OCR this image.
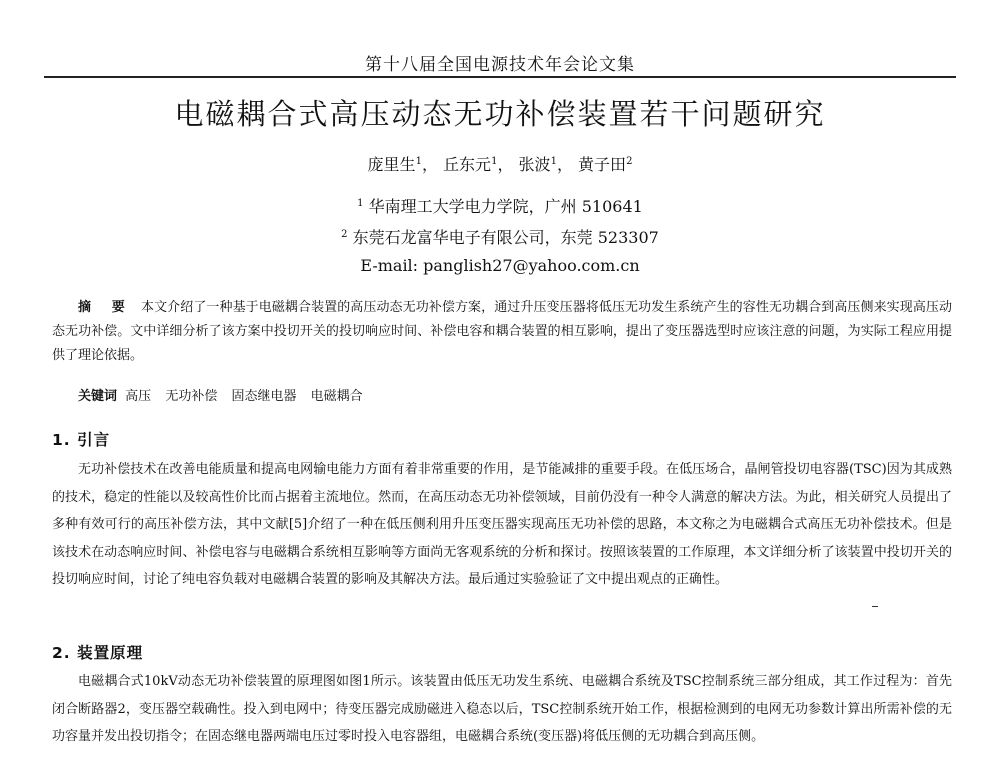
第十八届全国电源技术年会论文集
电磁耦合式高压动态无功补偿装置若干问题研究
庞里生$^1$， 丘东元$^1$， 张波$^1$， 黄子田$^2$
$^1$ 华南理工大学电力学院，广州 510641
$^2$ 东莞石龙富华电子有限公司，东莞 523307
E-mail: panglish27@yahoo.com.cn
摘 要 本文介绍了一种基于电磁耦合装置的高压动态无功补偿方案，通过升压变压器将低压无功发生系统产生的容性无功耦合到高压侧来实现高压动态无功补偿。文中详细分析了该方案中投切开关的投切响应时间、补偿电容和耦合装置的相互影响，提出了变压器选型时应该注意的问题，为实际工程应用提供了理论依据。
关键词 高压 无功补偿 固态继电器 电磁耦合
1. 引言
无功补偿技术在改善电能质量和提高电网输电能力方面有着非常重要的作用，是节能减排的重要手段。在低压场合，晶闸管投切电容器(TSC)因为其成熟的技术，稳定的性能以及较高性价比而占据着主流地位。然而，在高压动态无功补偿领域，目前仍没有一种令人满意的解决方法。为此，相关研究人员提出了多种有效可行的高压补偿方法，其中文献[5]介绍了一种在低压侧利用升压变压器实现高压无功补偿的思路，本文称之为电磁耦合式高压无功补偿技术。但是该技术在动态响应时间、补偿电容与电磁耦合系统相互影响等方面尚无客观系统的分析和探讨。按照该装置的工作原理，本文详细分析了该装置中投切开关的投切响应时间，讨论了纯电容负载对电磁耦合装置的影响及其解决方法。最后通过实验验证了文中提出观点的正确性。
2. 装置原理
电磁耦合式10kV动态无功补偿装置的原理图如图1所示。该装置由低压无功发生系统、电磁耦合系统及TSC控制系统三部分组成，其工作过程为：首先闭合断路器2，变压器空载确性。投入到电网中；待变压器完成励磁进入稳态以后，TSC控制系统开始工作，根据检测到的电网无功参数计算出所需补偿的无功容量并发出投切指令；在固态继电器两端电压过零时投入电容器组，电磁耦合系统(变压器)将低压侧的无功耦合到高压侧。
